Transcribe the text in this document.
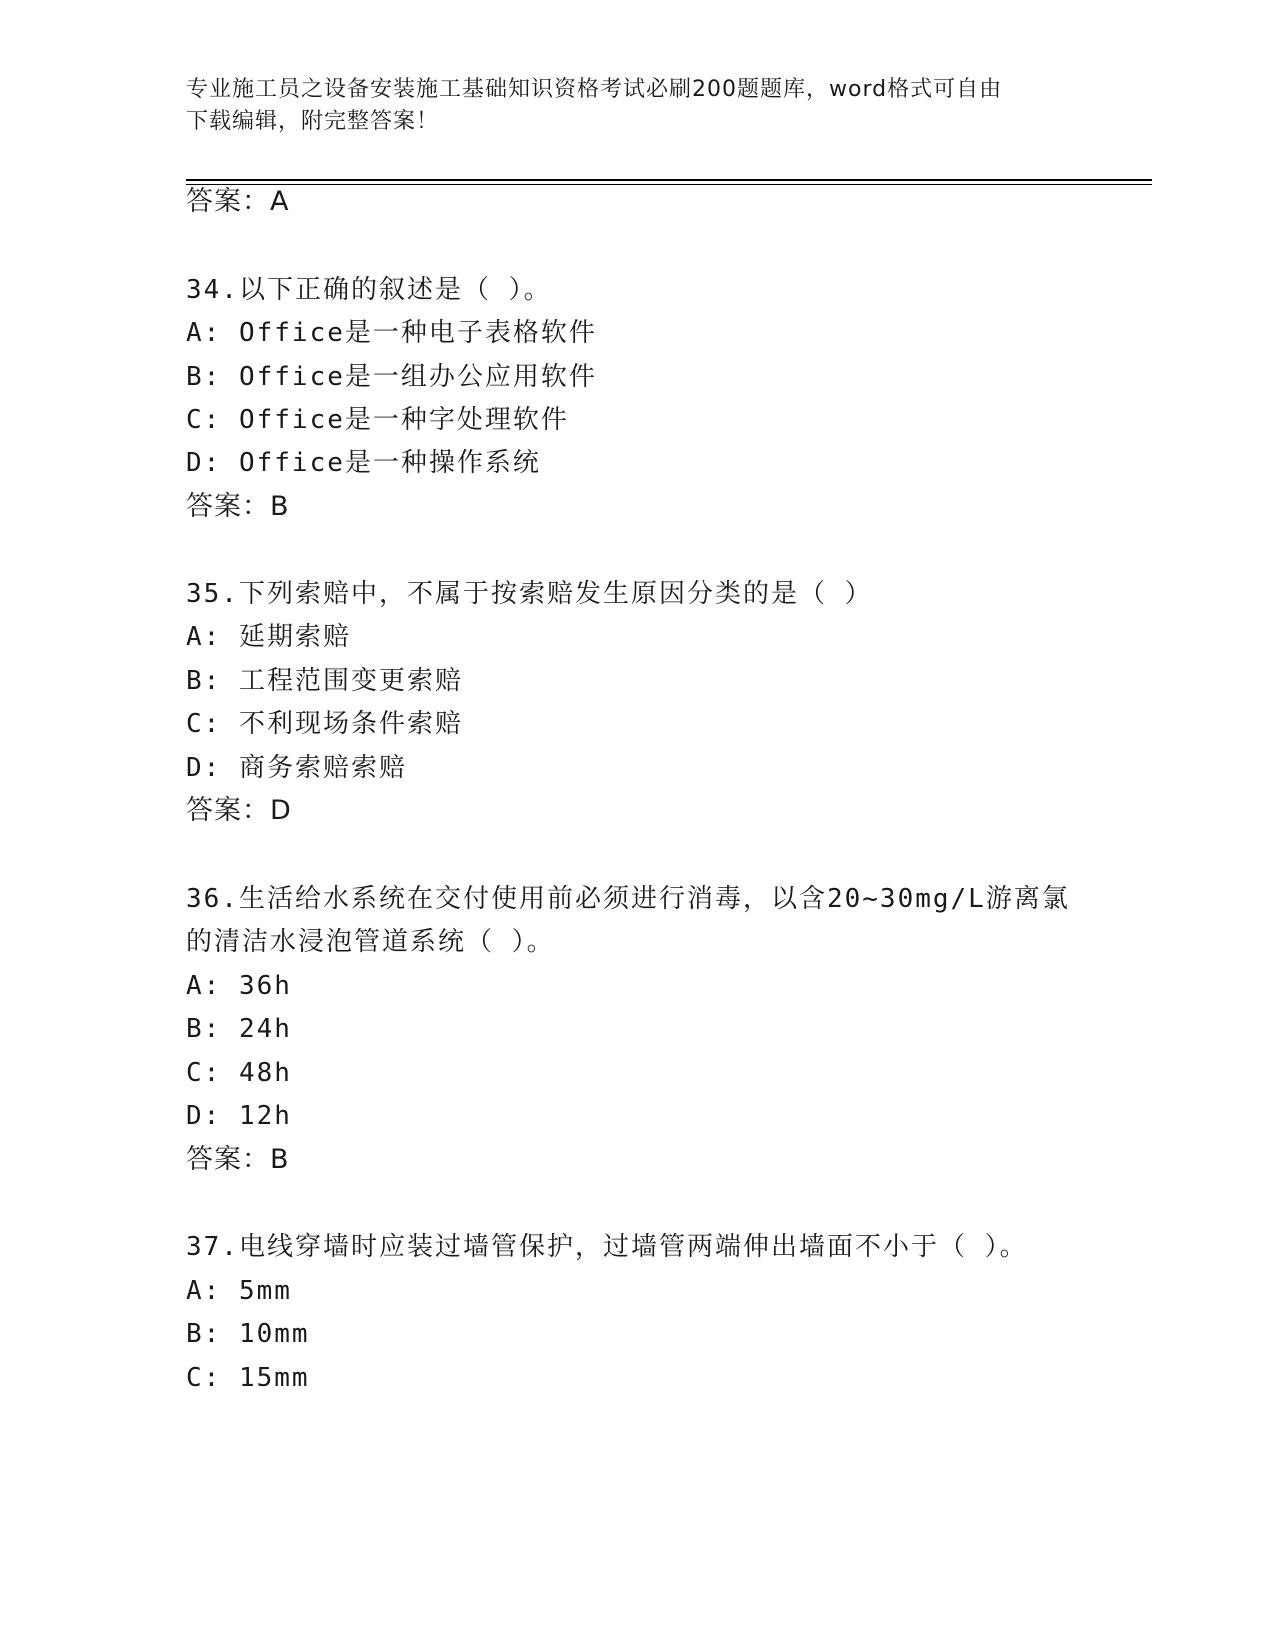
专业施工员之设备安装施工基础知识资格考试必刷200题题库，word格式可自由
下载编辑，附完整答案！
答案：A
34.以下正确的叙述是（ ）。
A: Office是一种电子表格软件
B: Office是一组办公应用软件
C: Office是一种字处理软件
D: Office是一种操作系统
答案：B
35.下列索赔中，不属于按索赔发生原因分类的是（ ）
A: 延期索赔
B: 工程范围变更索赔
C: 不利现场条件索赔
D: 商务索赔索赔
答案：D
36.生活给水系统在交付使用前必须进行消毒，以含20~30mg/L游离氯
的清洁水浸泡管道系统（ ）。
A: 36h
B: 24h
C: 48h
D: 12h
答案：B
37.电线穿墙时应装过墙管保护，过墙管两端伸出墙面不小于（ ）。
A: 5mm
B: 10mm
C: 15mm
